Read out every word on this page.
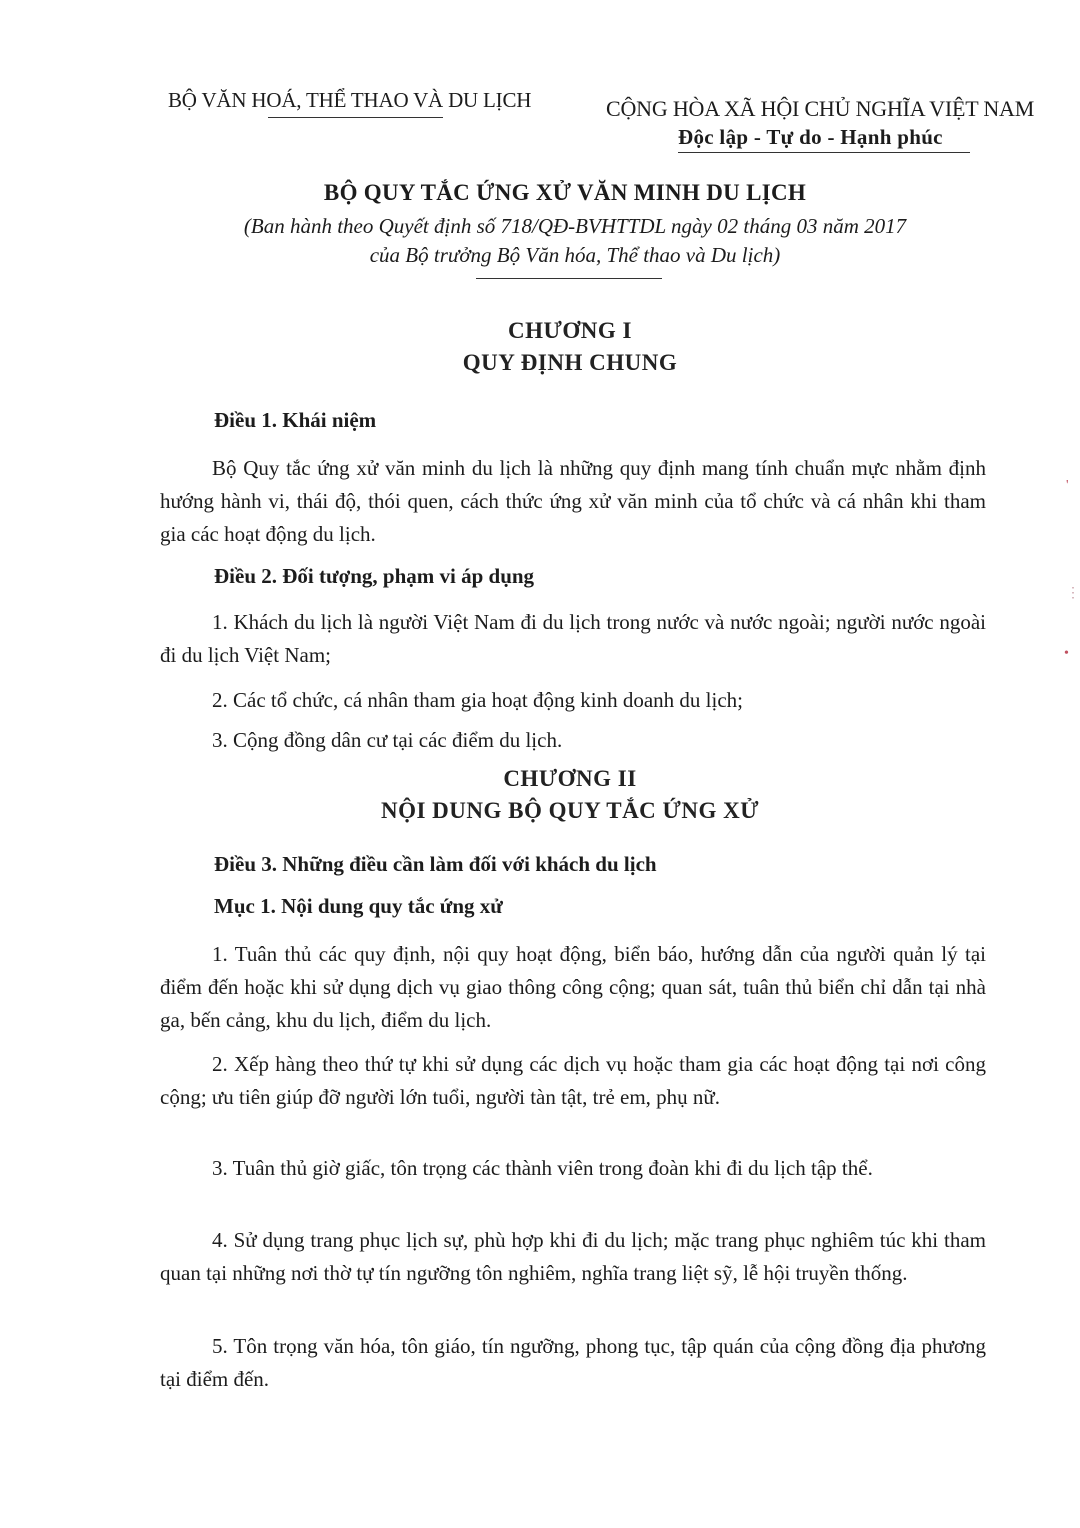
BỘ VĂN HOÁ, THỂ THAO VÀ DU LỊCH	CỘNG HÒA XÃ HỘI CHỦ NGHĨA VIỆT NAM
Độc lập - Tự do - Hạnh phúc
BỘ QUY TẮC ỨNG XỬ VĂN MINH DU LỊCH
(Ban hành theo Quyết định số 718/QĐ-BVHTTDL ngày 02 tháng 03 năm 2017
của Bộ trưởng Bộ Văn hóa, Thể thao và Du lịch)
CHƯƠNG I
QUY ĐỊNH CHUNG
Điều 1. Khái niệm
Bộ Quy tắc ứng xử văn minh du lịch là những quy định mang tính chuẩn mực nhằm định hướng hành vi, thái độ, thói quen, cách thức ứng xử văn minh của tổ chức và cá nhân khi tham gia các hoạt động du lịch.
Điều 2. Đối tượng, phạm vi áp dụng
1. Khách du lịch là người Việt Nam đi du lịch trong nước và nước ngoài; người nước ngoài đi du lịch Việt Nam;
2. Các tổ chức, cá nhân tham gia hoạt động kinh doanh du lịch;
3. Cộng đồng dân cư tại các điểm du lịch.
CHƯƠNG II
NỘI DUNG BỘ QUY TẮC ỨNG XỬ
Điều 3. Những điều cần làm đối với khách du lịch
Mục 1. Nội dung quy tắc ứng xử
1. Tuân thủ các quy định, nội quy hoạt động, biển báo, hướng dẫn của người quản lý tại điểm đến hoặc khi sử dụng dịch vụ giao thông công cộng; quan sát, tuân thủ biển chỉ dẫn tại nhà ga, bến cảng, khu du lịch, điểm du lịch.
2. Xếp hàng theo thứ tự khi sử dụng các dịch vụ hoặc tham gia các hoạt động tại nơi công cộng; ưu tiên giúp đỡ người lớn tuổi, người tàn tật, trẻ em, phụ nữ.
3. Tuân thủ giờ giấc, tôn trọng các thành viên trong đoàn khi đi du lịch tập thể.
4. Sử dụng trang phục lịch sự, phù hợp khi đi du lịch; mặc trang phục nghiêm túc khi tham quan tại những nơi thờ tự tín ngưỡng tôn nghiêm, nghĩa trang liệt sỹ, lễ hội truyền thống.
5. Tôn trọng văn hóa, tôn giáo, tín ngưỡng, phong tục, tập quán của cộng đồng địa phương tại điểm đến.
'
⋮
•
